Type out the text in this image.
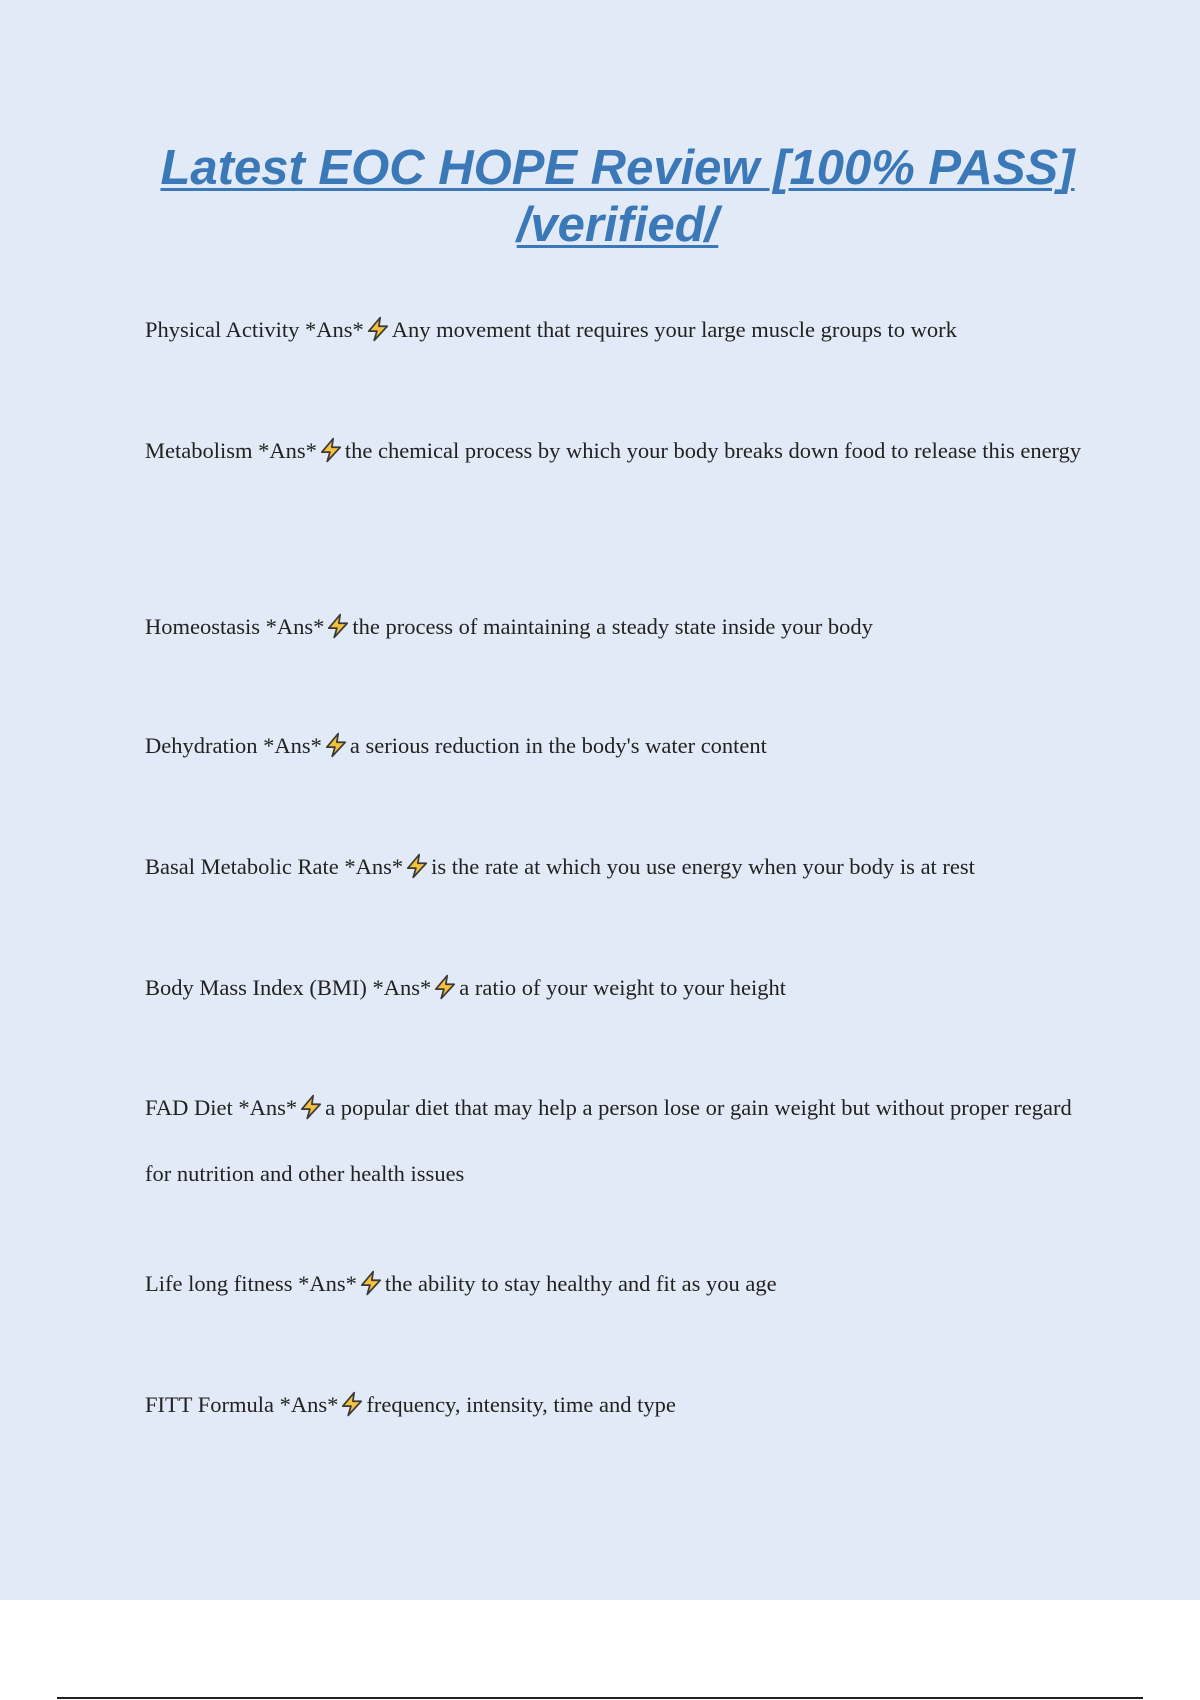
Latest EOC HOPE Review [100% PASS] /verified/

Physical Activity *Ans* Any movement that requires your large muscle groups to work

Metabolism *Ans* the chemical process by which your body breaks down food to release this energy

Homeostasis *Ans* the process of maintaining a steady state inside your body

Dehydration *Ans* a serious reduction in the body's water content

Basal Metabolic Rate *Ans* is the rate at which you use energy when your body is at rest

Body Mass Index (BMI) *Ans* a ratio of your weight to your height

FAD Diet *Ans* a popular diet that may help a person lose or gain weight but without proper regard for nutrition and other health issues

Life long fitness *Ans* the ability to stay healthy and fit as you age

FITT Formula *Ans* frequency, intensity, time and type
